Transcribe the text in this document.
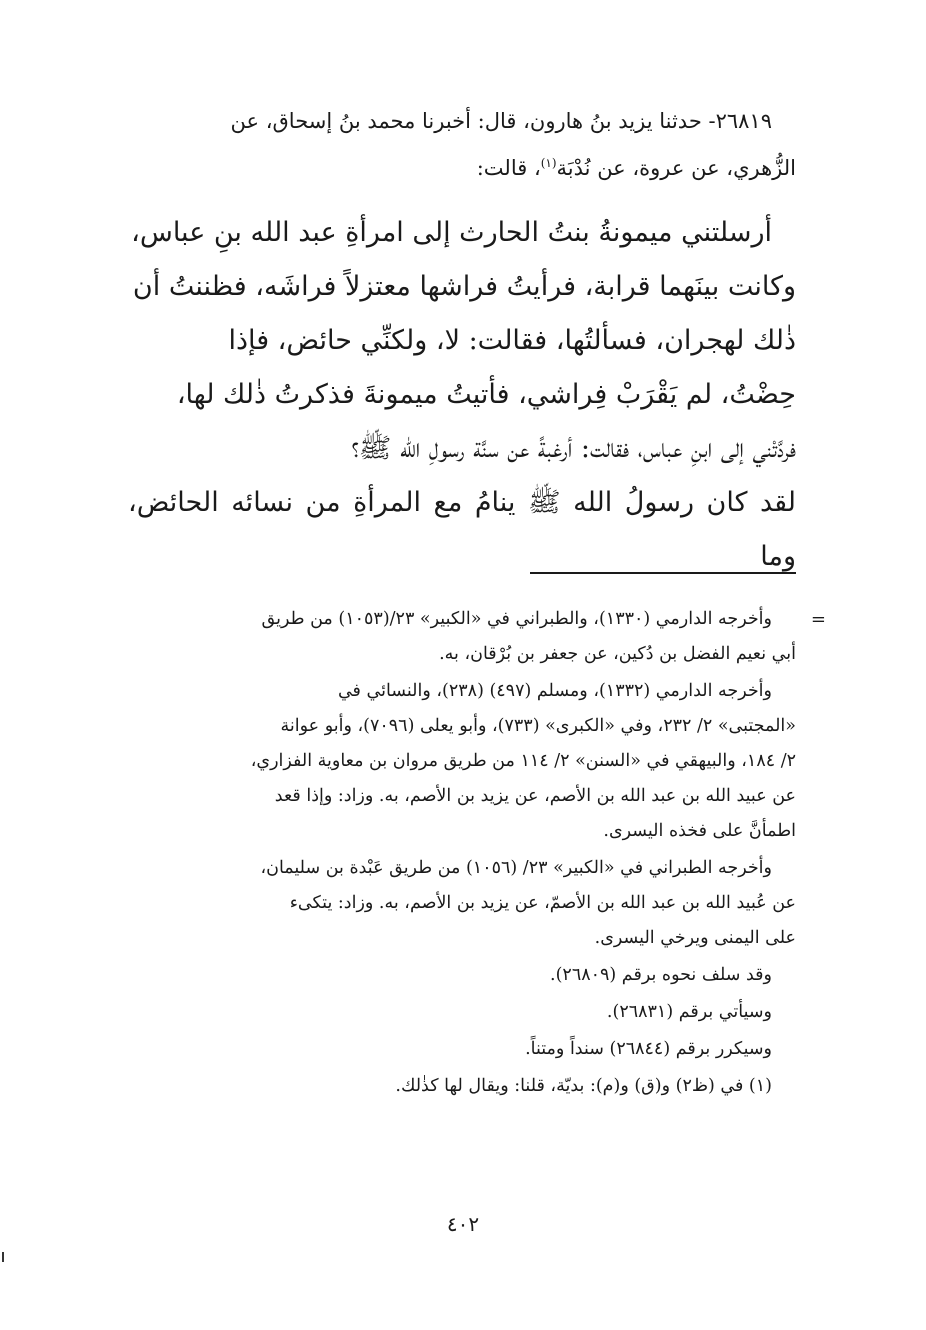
٢٦٨١٩- حدثنا يزيد بنُ هارون، قال: أخبرنا محمد بنُ إسحاق، عن

الزُّهري، عن عروة، عن نُدْبَة$^{(١)}$، قالت:

أرسلتني ميمونةُ بنتُ الحارث إلى امرأةِ عبد الله بنِ عباس،

وكانت بينَهما قرابة، فرأيتُ فراشها معتزلاً فراشَه، فظننتُ أن

ذٰلك لهجران، فسألتُها، فقالت: لا، ولكنِّي حائض، فإذا

حِضْتُ، لم يَقْرَبْ فِراشي، فأتيتُ ميمونةَ فذكرتُ ذٰلك لها،

فردَّتْني إلى ابنِ عباس، فقالت: أرغبةً عن سنَّة رسولِ الله ﷺ؟

لقد كان رسولُ الله ﷺ ينامُ مع المرأةِ من نسائه الحائض، وما

=

وأخرجه الدارمي (١٣٣٠)، والطبراني في «الكبير» ٢٣/(١٠٥٣) من طريق
أبي نعيم الفضل بن دُكين، عن جعفر بن بُرْقان، به.

وأخرجه الدارمي (١٣٣٢)، ومسلم (٤٩٧) (٢٣٨)، والنسائي في
«المجتبى» ٢/ ٢٣٢، وفي «الكبرى» (٧٣٣)، وأبو يعلى (٧٠٩٦)، وأبو عوانة
٢/ ١٨٤، والبيهقي في «السنن» ٢/ ١١٤ من طريق مروان بن معاوية الفزاري،
عن عبيد الله بن عبد الله بن الأصم، عن يزيد بن الأصم، به. وزاد: وإذا قعد
اطمأنَّ على فخذه اليسرى.

وأخرجه الطبراني في «الكبير» ٢٣/ (١٠٥٦) من طريق عَبْدة بن سليمان،
عن عُبيد الله بن عبد الله بن الأصمّ، عن يزيد بن الأصم، به. وزاد: يتكىء
على اليمنى ويرخي اليسرى.

وقد سلف نحوه برقم (٢٦٨٠٩).

وسيأتي برقم (٢٦٨٣١).

وسيكرر برقم (٢٦٨٤٤) سنداً ومتناً.

(١) في (ظ٢) و(ق) و(م): بديّة، قلنا: ويقال لها كذٰلك.

٤٠٢
